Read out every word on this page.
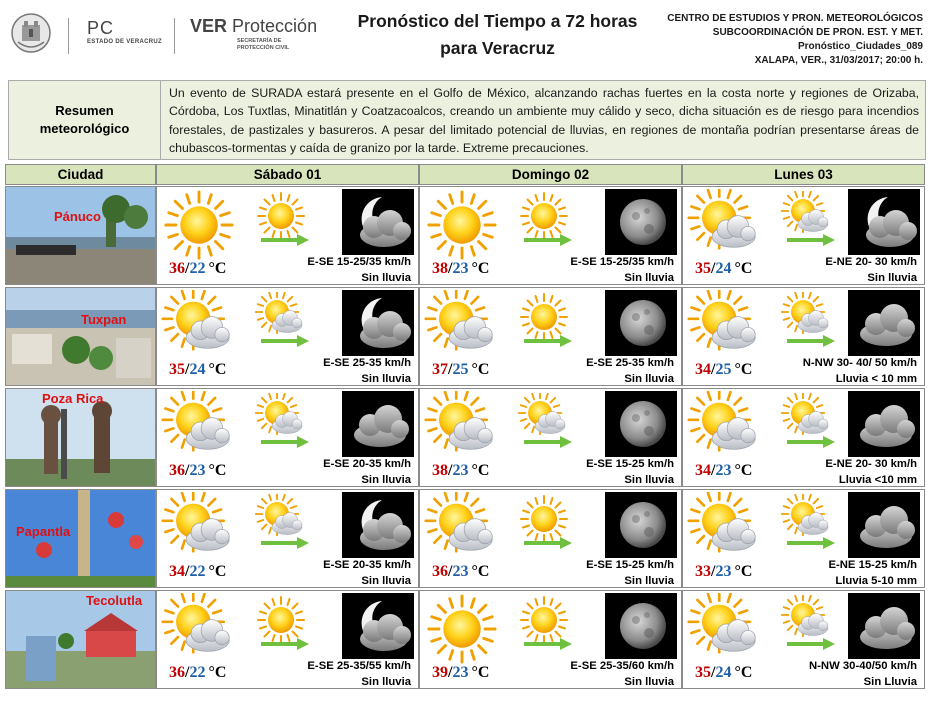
PC
ESTADO DE VERACRUZ
VER Protección
SECRETARÍA DE
PROTECCIÓN CIVIL
Pronóstico del Tiempo a 72 horas
para Veracruz
CENTRO DE ESTUDIOS Y PRON. METEOROLÓGICOS
SUBCOORDINACIÓN DE PRON. EST. Y MET.
Pronóstico_Ciudades_089
XALAPA, VER., 31/03/2017; 20:00 h.
Resumen
meteorológico
Un evento de SURADA estará presente en el Golfo de México, alcanzando rachas fuertes en la costa norte y regiones de Orizaba, Córdoba, Los Tuxtlas, Minatitlán y Coatzacoalcos, creando un ambiente muy cálido y seco, dicha situación es de riesgo para incendios forestales, de pastizales y basureros. A pesar del limitado potencial de lluvias, en regiones de montaña podrían presentarse áreas de chubascos-tormentas y caída de granizo por la tarde. Extreme precauciones.
Ciudad	Sábado 01	Domingo 02	Lunes 03
Pánuco
36/22 °C	E-SE 15-25/35 km/h
Sin lluvia
38/23 °C	E-SE 15-25/35 km/h
Sin lluvia
35/24 °C	E-NE 20- 30 km/h
Sin lluvia
Tuxpan
35/24 °C	E-SE 25-35 km/h
Sin lluvia
37/25 °C	E-SE 25-35 km/h
Sin lluvia
34/25 °C	N-NW 30- 40/ 50 km/h
Lluvia < 10 mm
Poza Rica
36/23 °C	E-SE 20-35 km/h
Sin lluvia
38/23 °C	E-SE 15-25 km/h
Sin lluvia
34/23 °C	E-NE 20- 30 km/h
Lluvia <10 mm
Papantla
34/22 °C	E-SE 20-35 km/h
Sin lluvia
36/23 °C	E-SE 15-25 km/h
Sin lluvia
33/23 °C	E-NE 15-25 km/h
Lluvia 5-10 mm
Tecolutla
36/22 °C	E-SE 25-35/55 km/h
Sin lluvia
39/23 °C	E-SE 25-35/60 km/h
Sin lluvia
35/24 °C	N-NW 30-40/50 km/h
Sin Lluvia
